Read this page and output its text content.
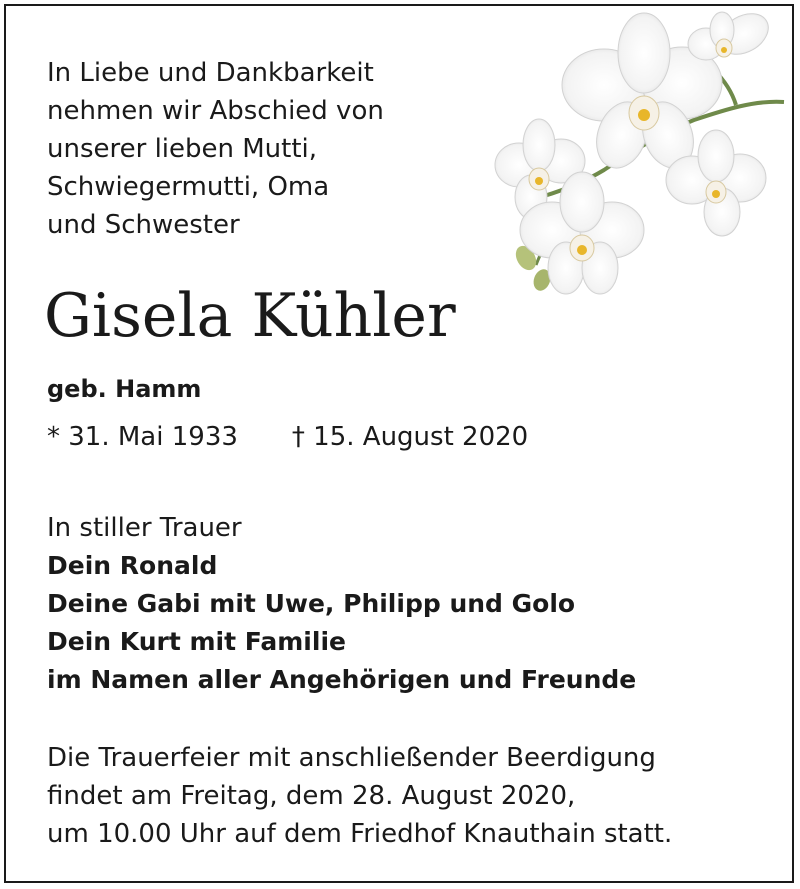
In Liebe und Dankbarkeit
nehmen wir Abschied von
unserer lieben Mutti,
Schwiegermutti, Oma
und Schwester
Gisela Kühler
geb. Hamm
* 31. Mai 1933 † 15. August 2020
In stiller Trauer
Dein Ronald
Deine Gabi mit Uwe, Philipp und Golo
Dein Kurt mit Familie
im Namen aller Angehörigen und Freunde
Die Trauerfeier mit anschließender Beerdigung
findet am Freitag, dem 28. August 2020,
um 10.00 Uhr auf dem Friedhof Knauthain statt.
